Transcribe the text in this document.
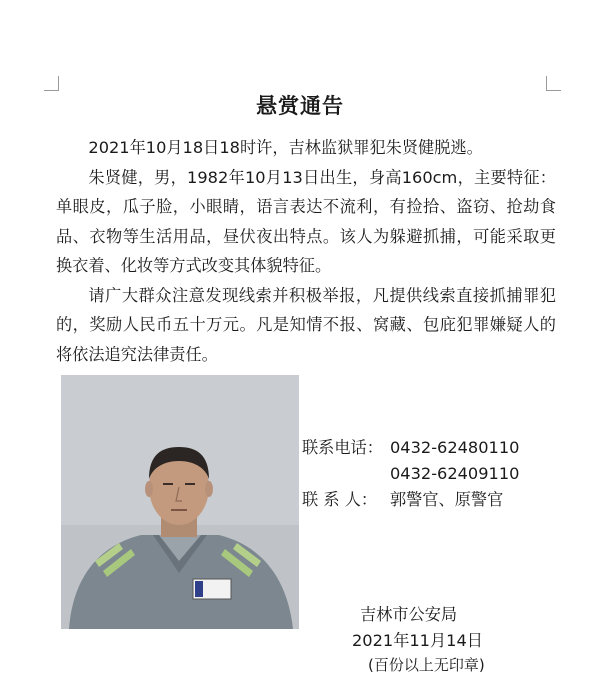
悬赏通告

2021年10月18日18时许，吉林监狱罪犯朱贤健脱逃。

朱贤健，男，1982年10月13日出生，身高160cm，主要特征：单眼皮，瓜子脸，小眼睛，语言表达不流利，有捡拾、盗窃、抢劫食品、衣物等生活用品，昼伏夜出特点。该人为躲避抓捕，可能采取更换衣着、化妆等方式改变其体貌特征。

请广大群众注意发现线索并积极举报，凡提供线索直接抓捕罪犯的，奖励人民币五十万元。凡是知情不报、窝藏、包庇犯罪嫌疑人的将依法追究法律责任。

联系电话： 0432-62480110
0432-62409110
联 系 人： 郭警官、原警官
吉林市公安局
2021年11月14日
(百份以上无印章)
